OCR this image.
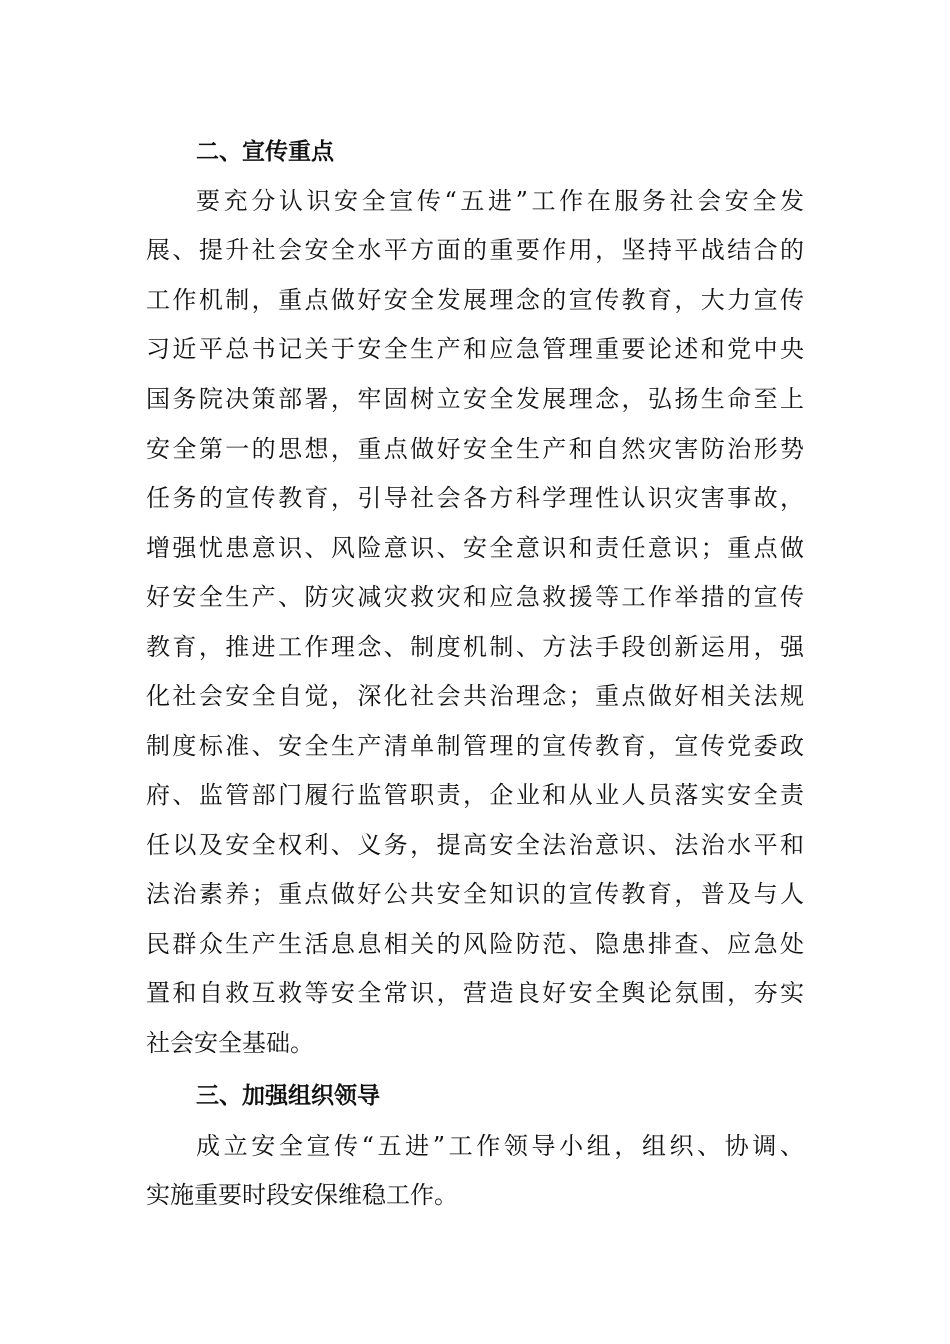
二、宣传重点
要充分认识安全宣传“五进”工作在服务社会安全发
展、提升社会安全水平方面的重要作用，坚持平战结合的
工作机制，重点做好安全发展理念的宣传教育，大力宣传
习近平总书记关于安全生产和应急管理重要论述和党中央
国务院决策部署，牢固树立安全发展理念，弘扬生命至上
安全第一的思想，重点做好安全生产和自然灾害防治形势
任务的宣传教育，引导社会各方科学理性认识灾害事故，
增强忧患意识、风险意识、安全意识和责任意识；重点做
好安全生产、防灾减灾救灾和应急救援等工作举措的宣传
教育，推进工作理念、制度机制、方法手段创新运用，强
化社会安全自觉，深化社会共治理念；重点做好相关法规
制度标准、安全生产清单制管理的宣传教育，宣传党委政
府、监管部门履行监管职责，企业和从业人员落实安全责
任以及安全权利、义务，提高安全法治意识、法治水平和
法治素养；重点做好公共安全知识的宣传教育，普及与人
民群众生产生活息息相关的风险防范、隐患排查、应急处
置和自救互救等安全常识，营造良好安全舆论氛围，夯实
社会安全基础。
三、加强组织领导
成立安全宣传“五进”工作领导小组，组织、协调、
实施重要时段安保维稳工作。
